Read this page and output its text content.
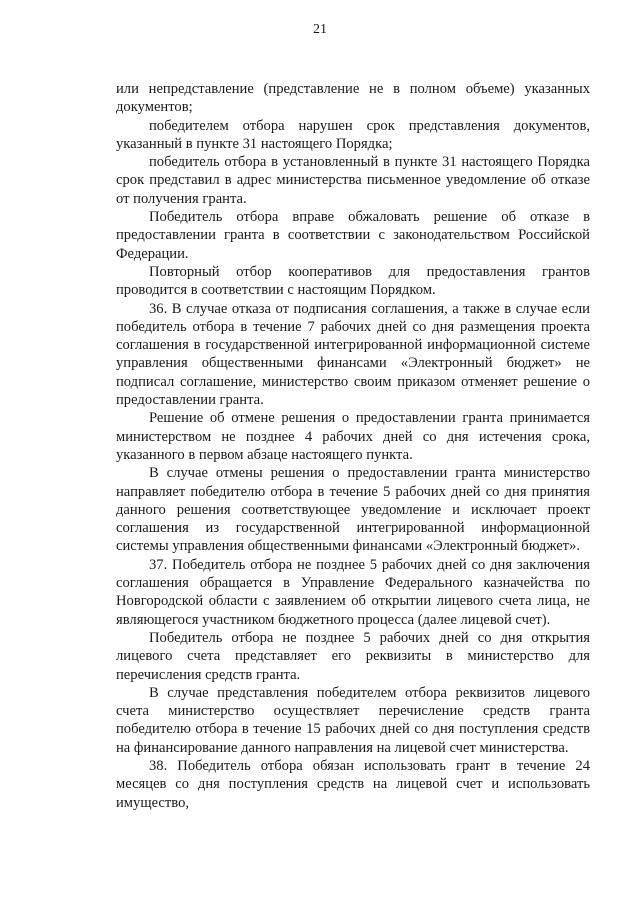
21

или непредставление (представление не в полном объеме) указанных документов;

победителем отбора нарушен срок представления документов, указанный в пункте 31 настоящего Порядка;

победитель отбора в установленный в пункте 31 настоящего Порядка срок представил в адрес министерства письменное уведомление об отказе от получения гранта.

Победитель отбора вправе обжаловать решение об отказе в предоставлении гранта в соответствии с законодательством Российской Федерации.

Повторный отбор кооперативов для предоставления грантов проводится в соответствии с настоящим Порядком.

36. В случае отказа от подписания соглашения, а также в случае если победитель отбора в течение 7 рабочих дней со дня размещения проекта соглашения в государственной интегрированной информационной системе управления общественными финансами «Электронный бюджет» не подписал соглашение, министерство своим приказом отменяет решение о предоставлении гранта.

Решение об отмене решения о предоставлении гранта принимается министерством не позднее 4 рабочих дней со дня истечения срока, указанного в первом абзаце настоящего пункта.

В случае отмены решения о предоставлении гранта министерство направляет победителю отбора в течение 5 рабочих дней со дня принятия данного решения соответствующее уведомление и исключает проект соглашения из государственной интегрированной информационной системы управления общественными финансами «Электронный бюджет».

37. Победитель отбора не позднее 5 рабочих дней со дня заключения соглашения обращается в Управление Федерального казначейства по Новгородской области с заявлением об открытии лицевого счета лица, не являющегося участником бюджетного процесса (далее лицевой счет).

Победитель отбора не позднее 5 рабочих дней со дня открытия лицевого счета представляет его реквизиты в министерство для перечисления средств гранта.

В случае представления победителем отбора реквизитов лицевого счета министерство осуществляет перечисление средств гранта победителю отбора в течение 15 рабочих дней со дня поступления средств на финансирование данного направления на лицевой счет министерства.

38. Победитель отбора обязан использовать грант в течение 24 месяцев со дня поступления средств на лицевой счет и использовать имущество,
